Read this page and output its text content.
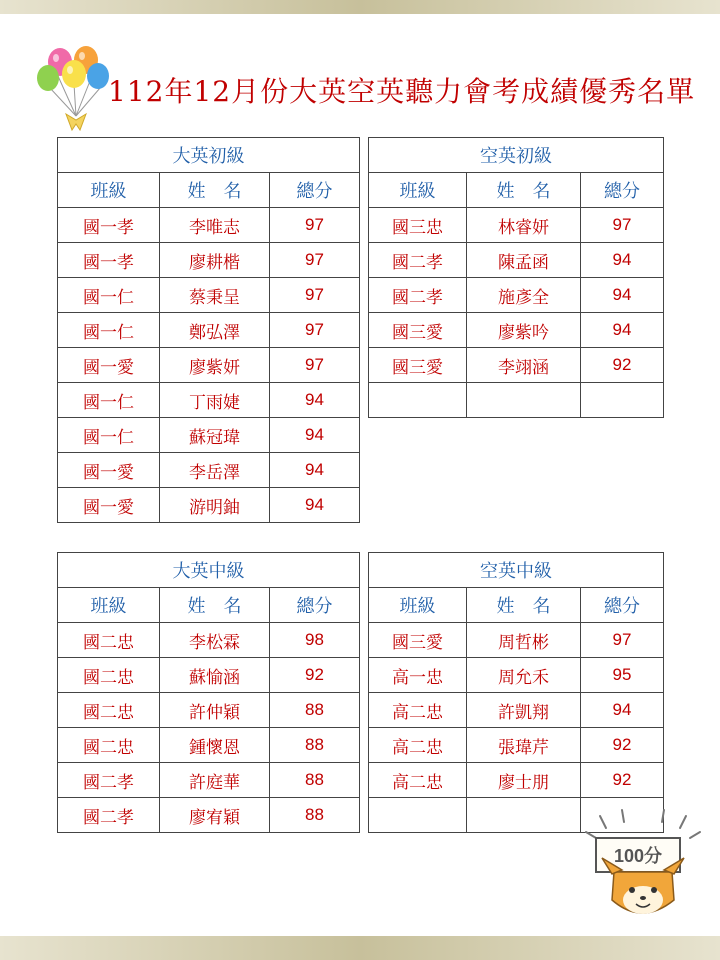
112年12月份大英空英聽力會考成績優秀名單
大英初級		
班級	姓　名	總分
國一孝	李唯志	97
國一孝	廖耕楷	97
國一仁	蔡秉呈	97
國一仁	鄭弘澤	97
國一愛	廖紫妍	97
國一仁	丁雨婕	94
國一仁	蘇冠瑋	94
國一愛	李岳澤	94
國一愛	游明鈾	94
空英初級		
班級	姓　名	總分
國三忠	林睿妍	97
國二孝	陳孟函	94
國二孝	施彥全	94
國三愛	廖紫吟	94
國三愛	李翊涵	92

大英中級		
班級	姓　名	總分
國二忠	李松霖	98
國二忠	蘇愉涵	92
國二忠	許仲穎	88
國二忠	鍾懷恩	88
國二孝	許庭華	88
國二孝	廖宥穎	88
空英中級		
班級	姓　名	總分
國三愛	周哲彬	97
高一忠	周允禾	95
高二忠	許凱翔	94
高二忠	張瑋芹	92
高二忠	廖士朋	92

100分
